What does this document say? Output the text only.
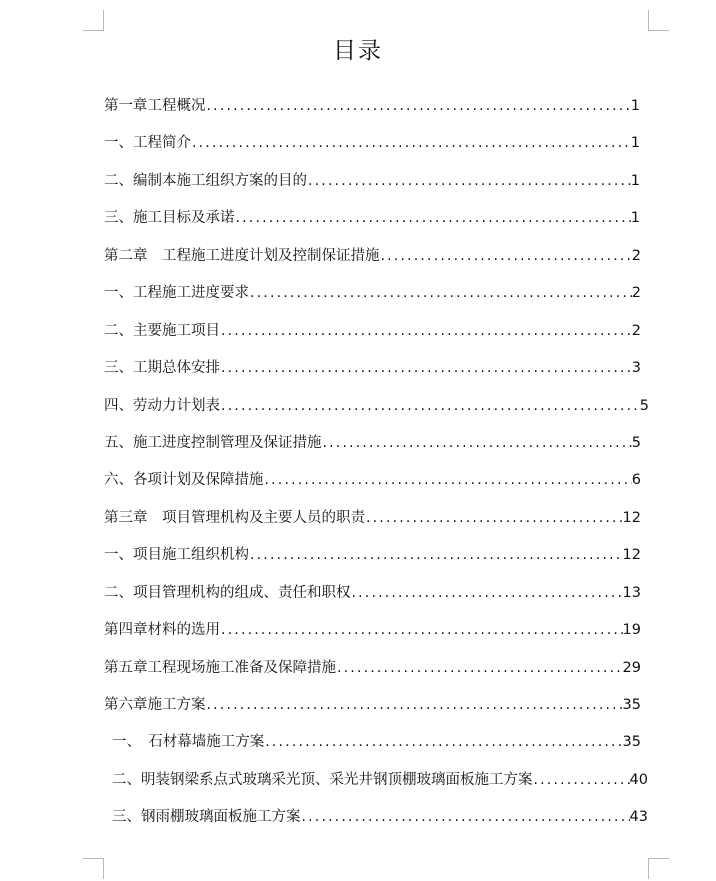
目录
第一章工程概况 .....	1
一、工程简介 .....	1
二、编制本施工组织方案的目的 .....	1
三、施工目标及承诺 .....	1
第二章　工程施工进度计划及控制保证措施 .....	2
一、工程施工进度要求 .....	2
二、主要施工项目 .....	2
三、工期总体安排 .....	3
四、劳动力计划表 .....	5
五、施工进度控制管理及保证措施 .....	5
六、各项计划及保障措施 .....	6
第三章　项目管理机构及主要人员的职责 .....	12
一、项目施工组织机构 .....	12
二、项目管理机构的组成、责任和职权 .....	13
第四章材料的选用 .....	19
第五章工程现场施工准备及保障措施 .....	29
第六章施工方案 .....	35
一、　石材幕墙施工方案 .....	35
二、明装钢梁系点式玻璃采光顶、采光井钢顶棚玻璃面板施工方案 .....	40
三、钢雨棚玻璃面板施工方案 .....	43
